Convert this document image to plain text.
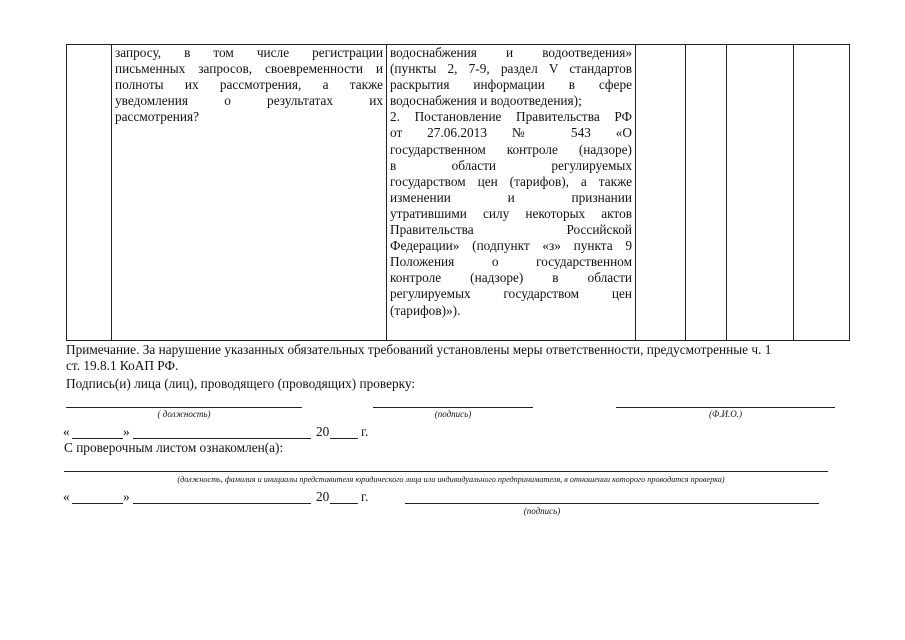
запросу, в том числе регистрации
письменных запросов, своевременности и
полноты их рассмотрения, а также
уведомления о результатах их
рассмотрения?

водоснабжения и водоотведения»
(пункты 2, 7-9, раздел V стандартов
раскрытия информации в сфере
водоснабжения и водоотведения);
2. Постановление Правительства РФ
от 27.06.2013 № 543 «О
государственном контроле (надзоре)
в области регулируемых
государством цен (тарифов), а также
изменении и признании
утратившими силу некоторых актов
Правительства Российской
Федерации» (подпункт «з» пункта 9
Положения о государственном
контроле (надзоре) в области
регулируемых государством цен
(тарифов)»).

Примечание. За нарушение указанных обязательных требований установлены меры ответственности, предусмотренные ч. 1
ст. 19.8.1 КоАП РФ.
Подпись(и) лица (лиц), проводящего (проводящих) проверку:
( должность)	(подпись)	(Ф.И.О.)
«	»	20 г.
С проверочным листом ознакомлен(а):
(должность, фамилия и инициалы представителя юридического лица или индивидуального предпринимателя, в отношении которого проводится проверка)
«	»	20 г.
(подпись)
